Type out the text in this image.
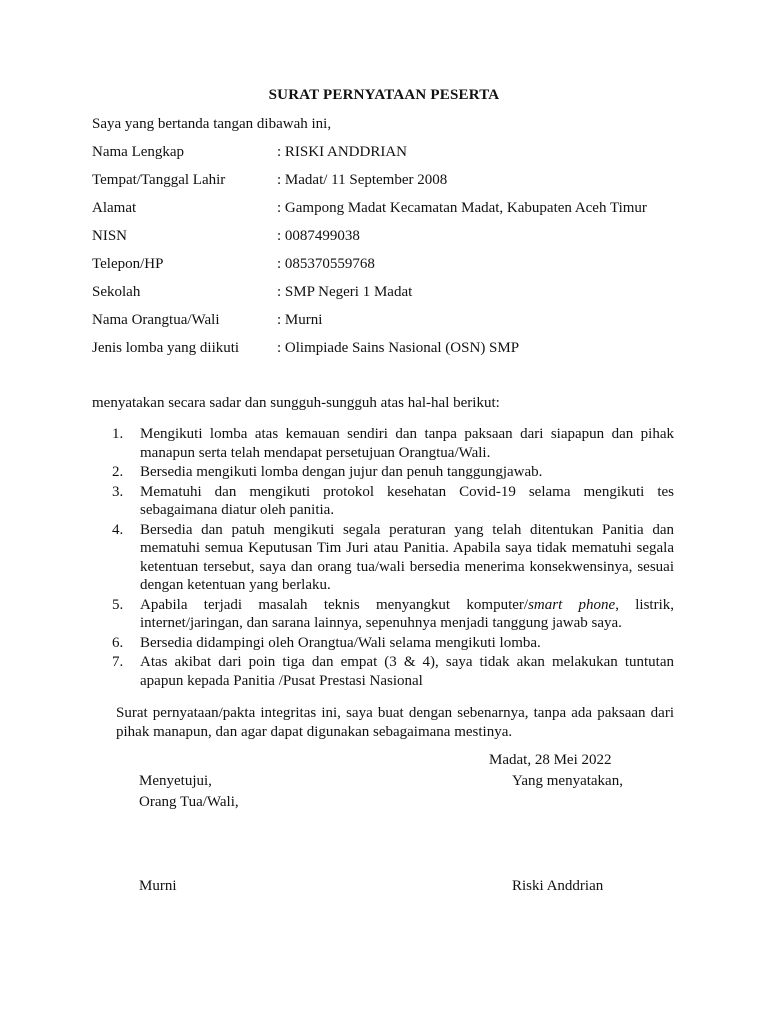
SURAT PERNYATAAN PESERTA
Saya yang bertanda tangan dibawah ini,
Nama Lengkap	: RISKI ANDDRIAN
Tempat/Tanggal Lahir	: Madat/ 11 September 2008
Alamat	: Gampong Madat Kecamatan Madat, Kabupaten Aceh Timur
NISN	: 0087499038
Telepon/HP	: 085370559768
Sekolah	: SMP Negeri 1 Madat
Nama Orangtua/Wali	: Murni
Jenis lomba yang diikuti	: Olimpiade Sains Nasional (OSN) SMP
menyatakan secara sadar dan sungguh-sungguh atas hal-hal berikut:
1. Mengikuti lomba atas kemauan sendiri dan tanpa paksaan dari siapapun dan pihak manapun serta telah mendapat persetujuan Orangtua/Wali.
2. Bersedia mengikuti lomba dengan jujur dan penuh tanggungjawab.
3. Mematuhi dan mengikuti protokol kesehatan Covid-19 selama mengikuti tes sebagaimana diatur oleh panitia.
4. Bersedia dan patuh mengikuti segala peraturan yang telah ditentukan Panitia dan mematuhi semua Keputusan Tim Juri atau Panitia. Apabila saya tidak mematuhi segala ketentuan tersebut, saya dan orang tua/wali bersedia menerima konsekwensinya, sesuai dengan ketentuan yang berlaku.
5. Apabila terjadi masalah teknis menyangkut komputer/smart phone, listrik, internet/jaringan, dan sarana lainnya, sepenuhnya menjadi tanggung jawab saya.
6. Bersedia didampingi oleh Orangtua/Wali selama mengikuti lomba.
7. Atas akibat dari poin tiga dan empat (3 & 4), saya tidak akan melakukan tuntutan apapun kepada Panitia /Pusat Prestasi Nasional
Surat pernyataan/pakta integritas ini, saya buat dengan sebenarnya, tanpa ada paksaan dari pihak manapun, dan agar dapat digunakan sebagaimana mestinya.
Madat, 28 Mei 2022
Menyetujui,
Orang Tua/Wali,
Yang menyatakan,
Murni	Riski Anddrian
